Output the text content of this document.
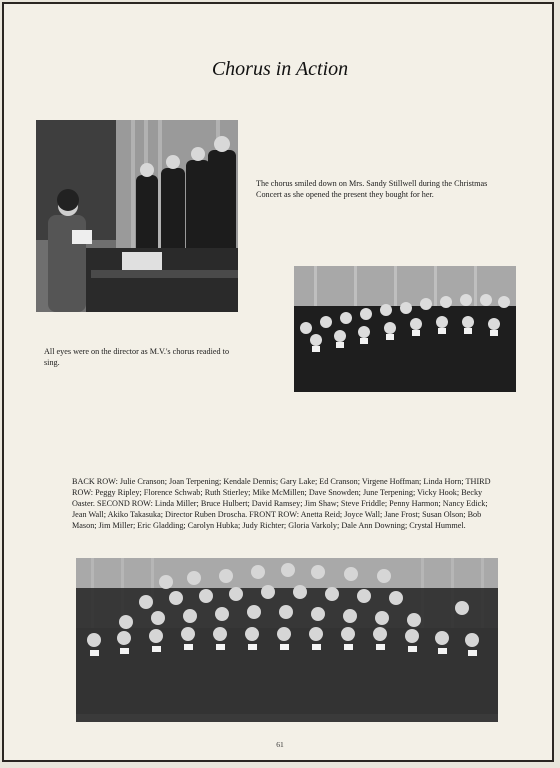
Chorus in Action
The chorus smiled down on Mrs. Sandy Stillwell during the Christmas Concert as she opened the present they bought for her.
All eyes were on the director as M.V.'s chorus readied to sing.
BACK ROW: Julie Cranson; Joan Terpening; Kendale Dennis; Gary Lake; Ed Cranson; Virgene Hoffman; Linda Horn; THIRD ROW: Peggy Ripley; Florence Schwab; Ruth Stierley; Mike McMillen; Dave Snowden; June Terpening; Vicky Hook; Becky Oaster. SECOND ROW: Linda Miller; Bruce Hulbert; David Ramsey; Jim Shaw; Steve Friddle; Penny Harmon; Nancy Edick; Jean Wall; Akiko Takasuka; Director Ruben Droscha. FRONT ROW: Anetta Reid; Joyce Wall; Jane Frost; Susan Olson; Bob Mason; Jim Miller; Eric Gladding; Carolyn Hubka; Judy Richter; Gloria Varkoly; Dale Ann Downing; Crystal Hummel.
61
